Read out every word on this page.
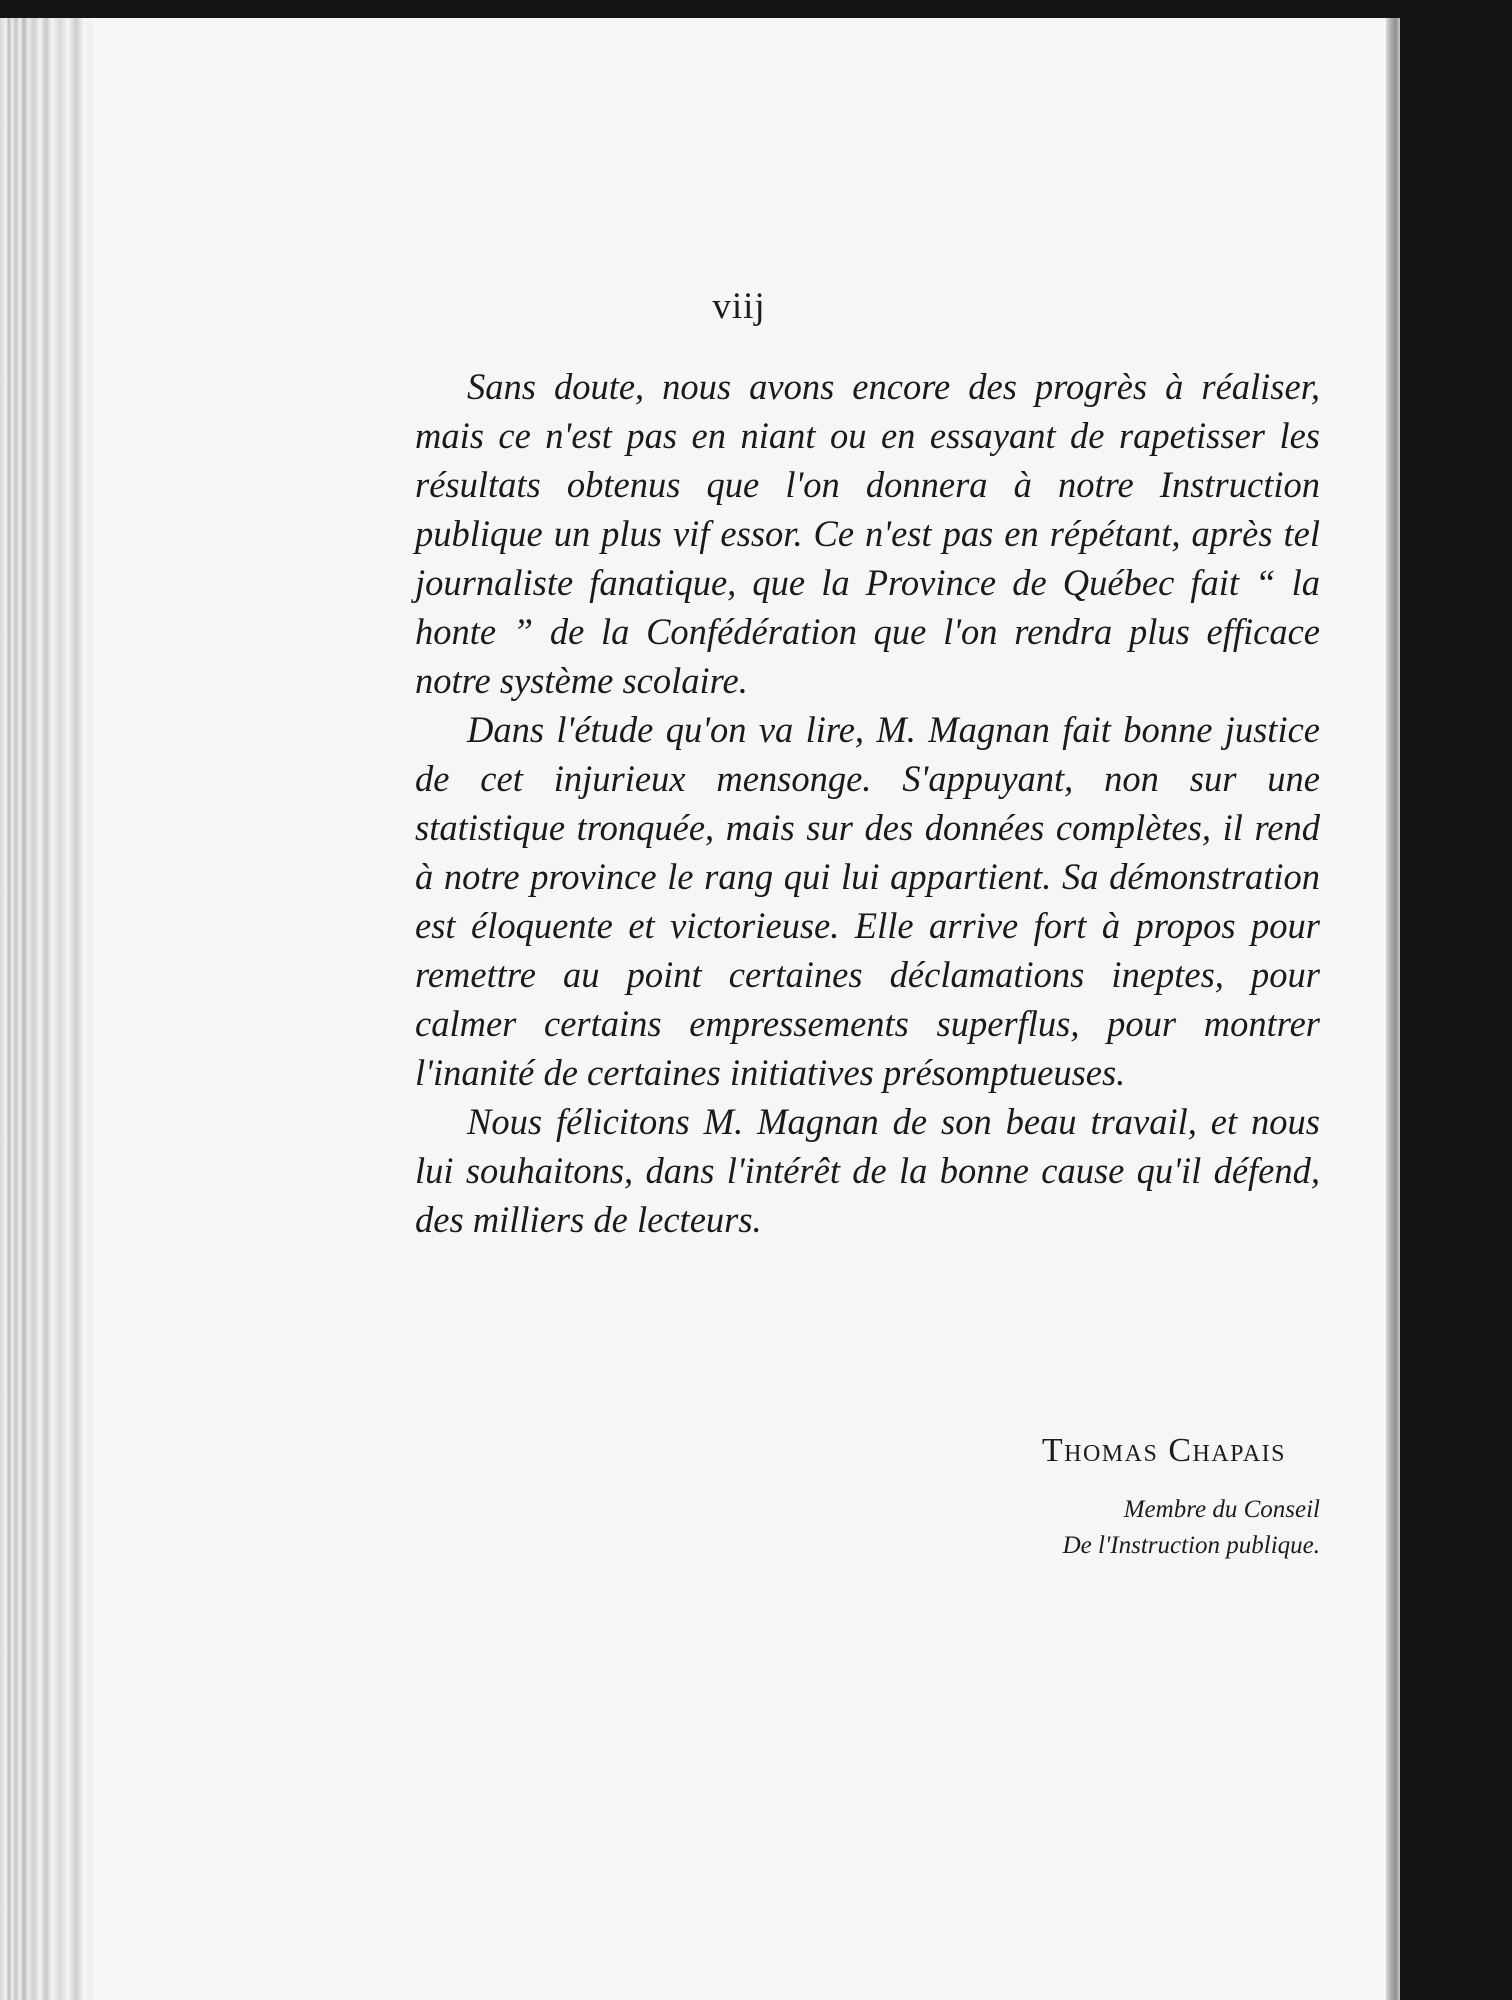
viij

Sans doute, nous avons encore des progrès à réaliser, mais ce n'est pas en niant ou en essayant de rapetisser les résultats obtenus que l'on donnera à notre Instruction publique un plus vif essor. Ce n'est pas en répétant, après tel journaliste fanatique, que la Province de Québec fait “ la honte ” de la Confédération que l'on rendra plus efficace notre système scolaire.

Dans l'étude qu'on va lire, M. Magnan fait bonne justice de cet injurieux mensonge. S'appuyant, non sur une statistique tronquée, mais sur des données complètes, il rend à notre province le rang qui lui appartient. Sa démonstration est éloquente et victorieuse. Elle arrive fort à propos pour remettre au point certaines déclamations ineptes, pour calmer certains empressements superflus, pour montrer l'inanité de certaines initiatives présomptueuses.

Nous félicitons M. Magnan de son beau travail, et nous lui souhaitons, dans l'intérêt de la bonne cause qu'il défend, des milliers de lecteurs.

Thomas Chapais

Membre du Conseil

De l'Instruction publique.
